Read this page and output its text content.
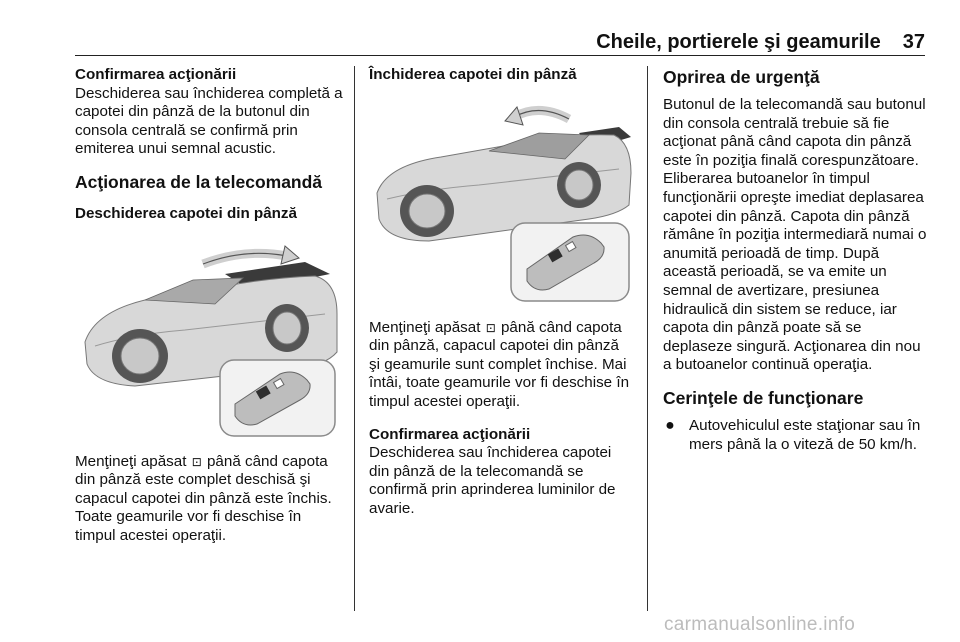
Cheile, portierele şi geamurile 37

Confirmarea acţionării

Deschiderea sau închiderea completă a capotei din pânză de la butonul din consola centrală se confirmă prin emiterea unui semnal acustic.

Acţionarea de la telecomandă

Deschiderea capotei din pânză

Menţineţi apăsat ⊡ până când capota din pânză este complet deschisă şi capacul capotei din pânză este închis. Toate geamurile vor fi deschise în timpul acestei operaţii.

Închiderea capotei din pânză

Menţineţi apăsat ⊡ până când capota din pânză, capacul capotei din pânză şi geamurile sunt complet închise. Mai întâi, toate geamurile vor fi deschise în timpul acestei operaţii.

Confirmarea acţionării

Deschiderea sau închiderea capotei din pânză de la telecomandă se confirmă prin aprinderea luminilor de avarie.

Oprirea de urgenţă

Butonul de la telecomandă sau butonul din consola centrală trebuie să fie acţionat până când capota din pânză este în poziţia finală corespunzătoare. Eliberarea butoanelor în timpul funcţionării opreşte imediat deplasarea capotei din pânză. Capota din pânză rămâne în poziţia intermediară numai o anumită perioadă de timp. După această perioadă, se va emite un semnal de avertizare, presiunea hidraulică din sistem se reduce, iar capota din pânză poate să se deplaseze singură. Acţionarea din nou a butoanelor continuă operaţia.

Cerinţele de funcţionare

● Autovehiculul este staţionar sau în mers până la o viteză de 50 km/h.

carmanualsonline.info
